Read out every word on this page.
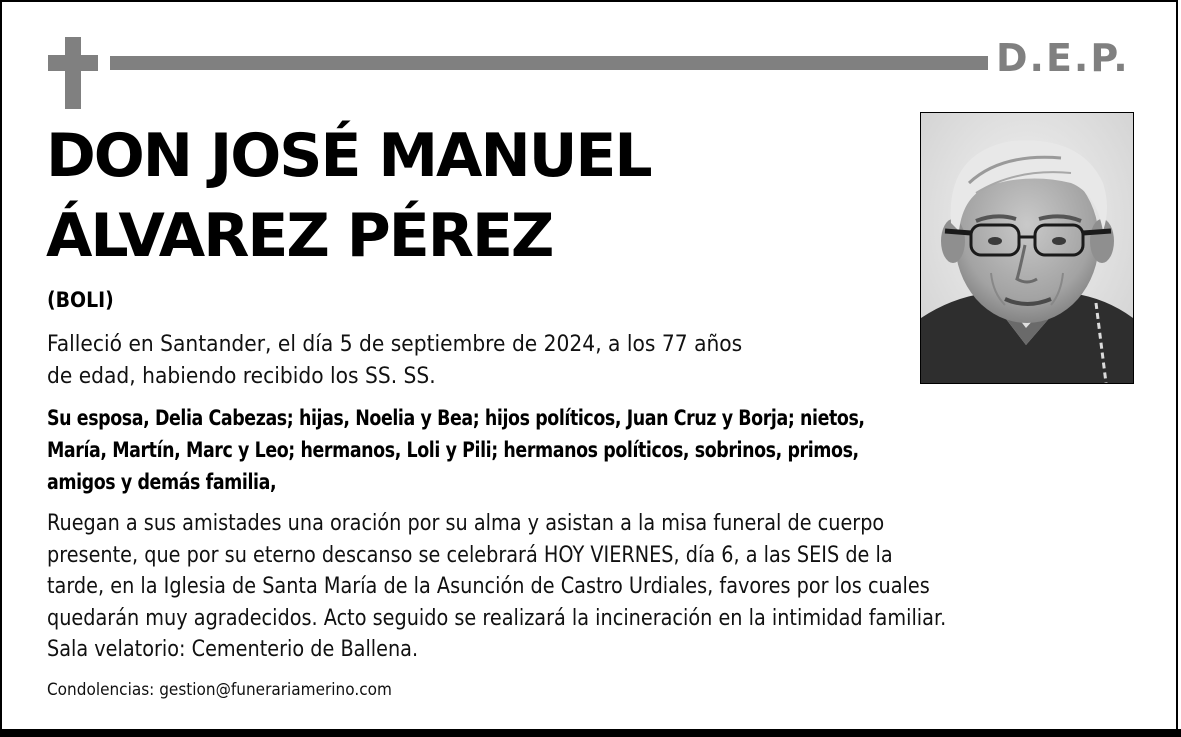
D.E.P.
DON JOSÉ MANUEL
ÁLVAREZ PÉREZ
(BOLI)
Falleció en Santander, el día 5 de septiembre de 2024, a los 77 años
de edad, habiendo recibido los SS. SS.
Su esposa, Delia Cabezas; hijas, Noelia y Bea; hijos políticos, Juan Cruz y Borja; nietos,
María, Martín, Marc y Leo; hermanos, Loli y Pili; hermanos políticos, sobrinos, primos,
amigos y demás familia,
Ruegan a sus amistades una oración por su alma y asistan a la misa funeral de cuerpo
presente, que por su eterno descanso se celebrará HOY VIERNES, día 6, a las SEIS de la
tarde, en la Iglesia de Santa María de la Asunción de Castro Urdiales, favores por los cuales
quedarán muy agradecidos. Acto seguido se realizará la incineración en la intimidad familiar.
Sala velatorio: Cementerio de Ballena.
Condolencias: gestion@funerariamerino.com
